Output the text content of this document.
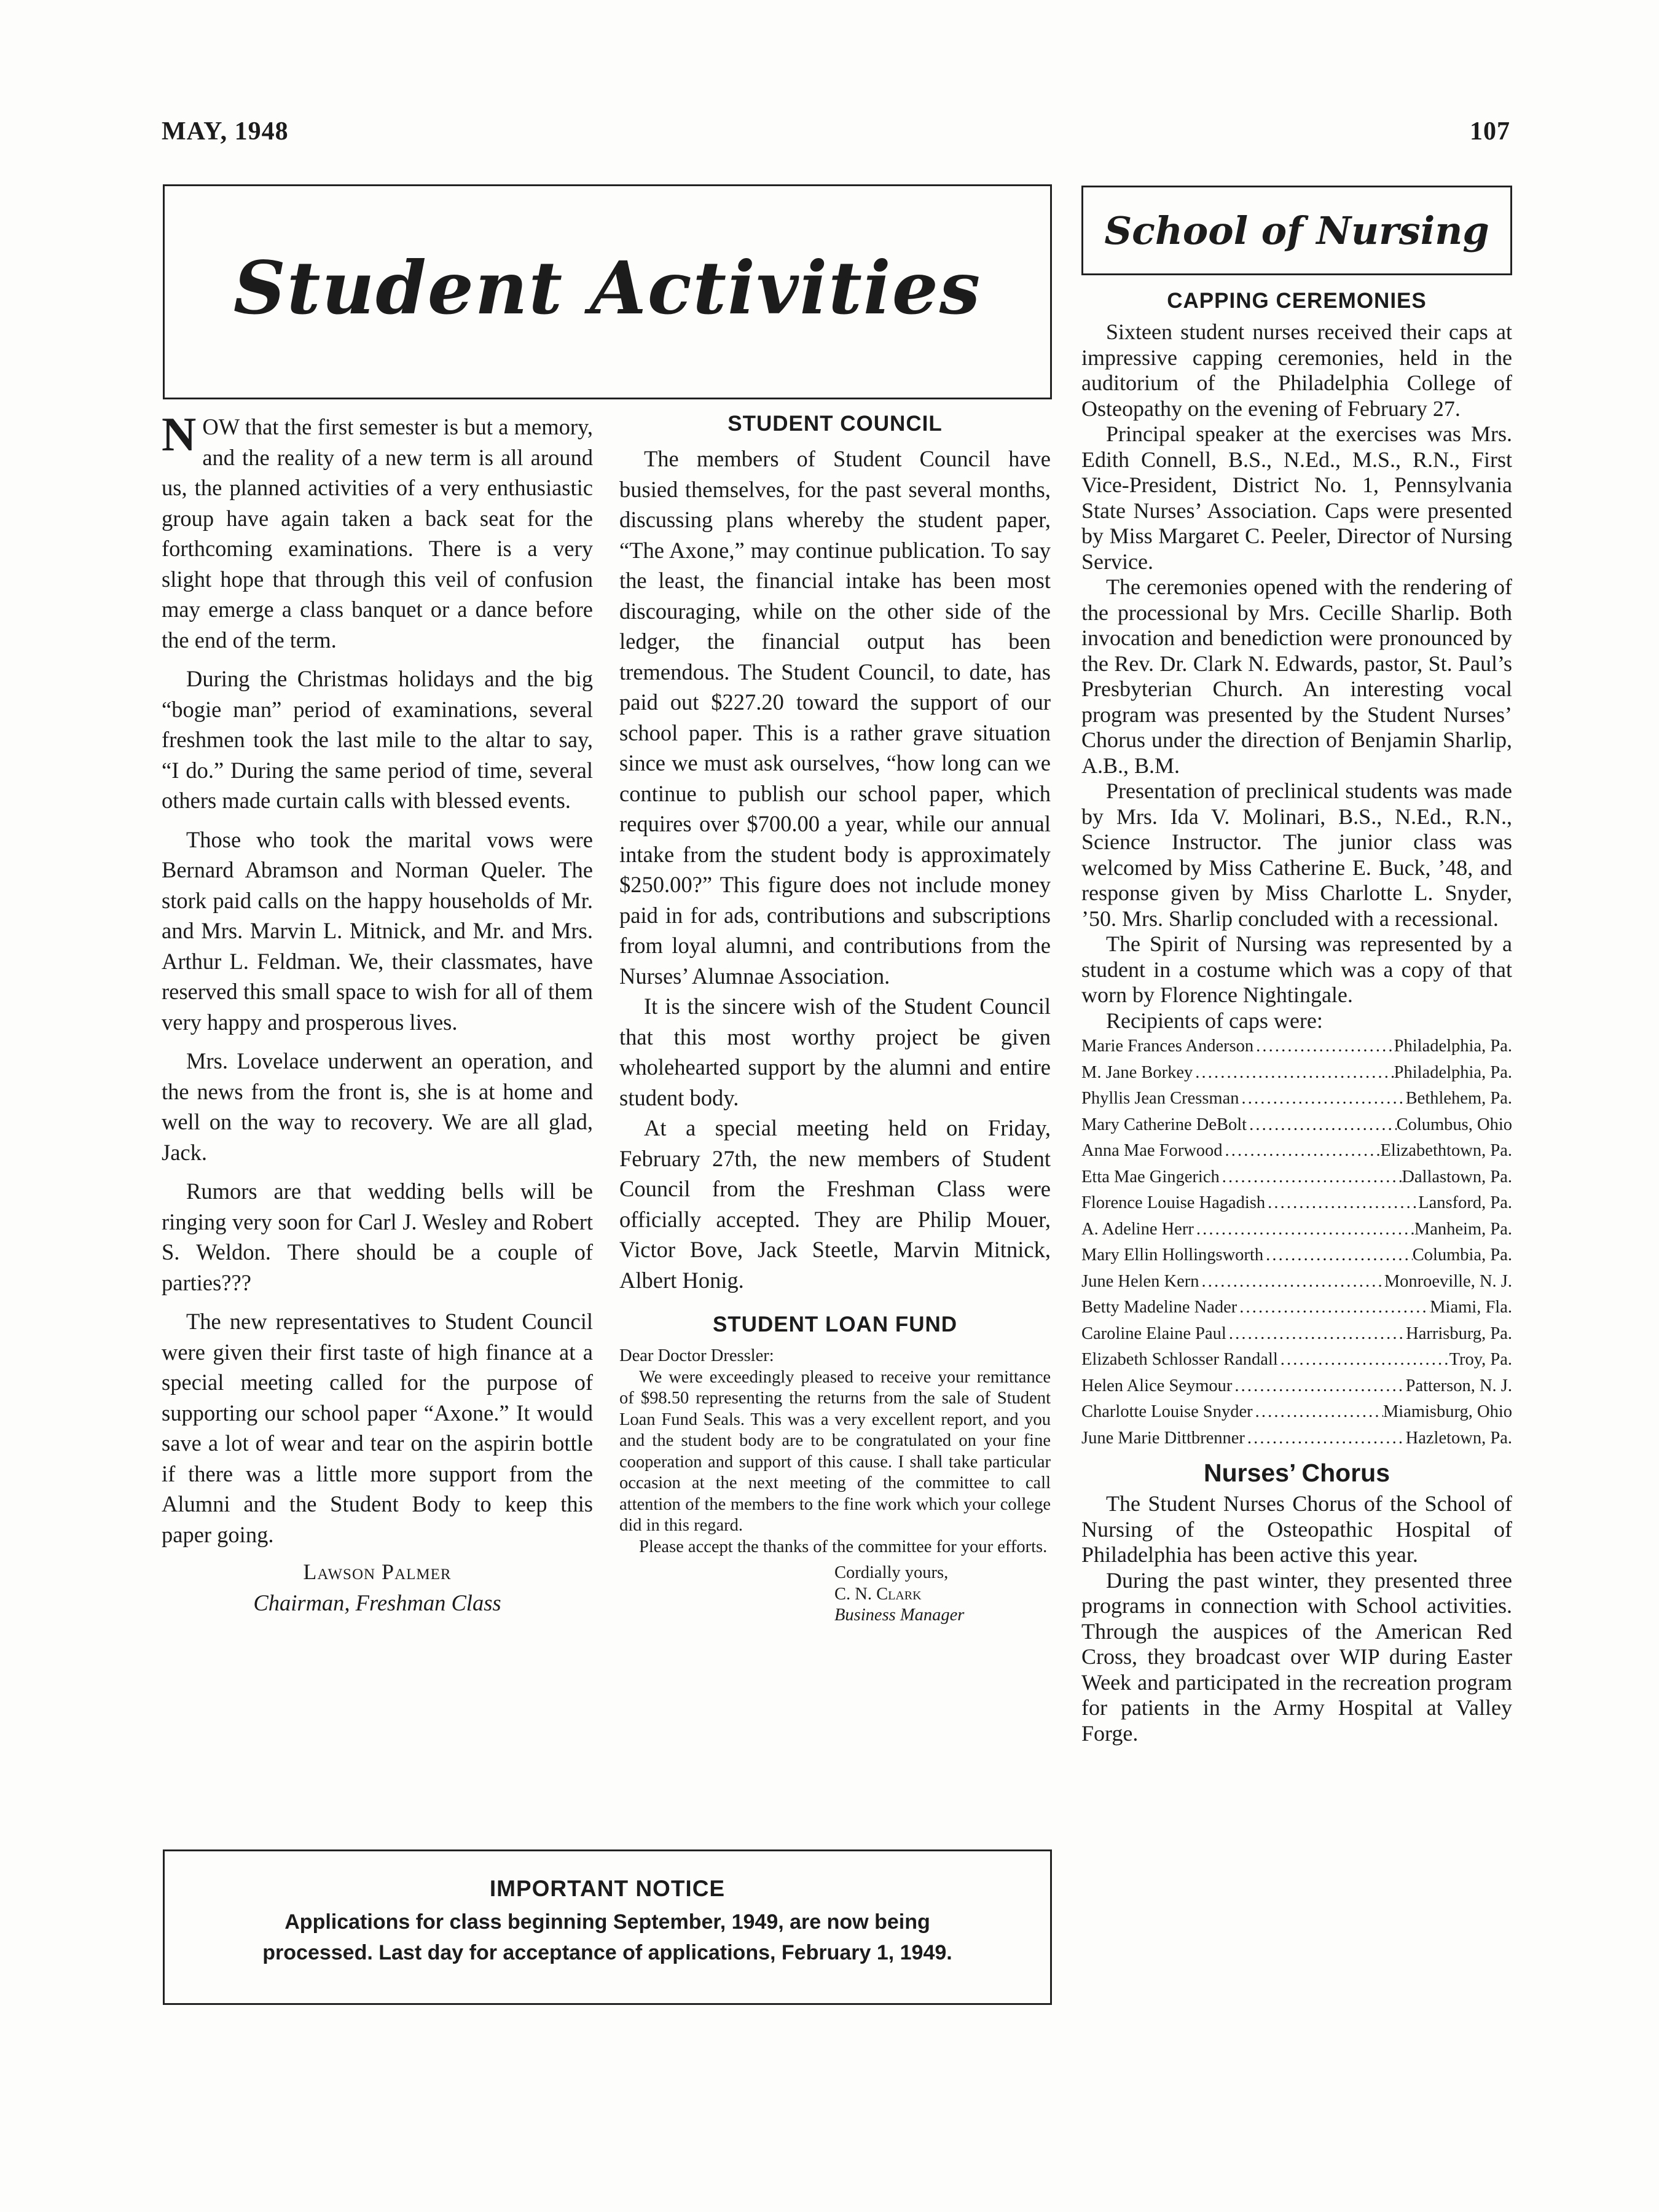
MAY, 1948	107
Student Activities
School of Nursing

NOW that the first semester is but a memory, and the reality of a new term is all around us, the planned activities of a very enthusiastic group have again taken a back seat for the forthcoming examinations. There is a very slight hope that through this veil of confusion may emerge a class banquet or a dance before the end of the term.

During the Christmas holidays and the big “bogie man” period of examinations, several freshmen took the last mile to the altar to say, “I do.” During the same period of time, several others made curtain calls with blessed events.

Those who took the marital vows were Bernard Abramson and Norman Queler. The stork paid calls on the happy households of Mr. and Mrs. Marvin L. Mitnick, and Mr. and Mrs. Arthur L. Feldman. We, their classmates, have reserved this small space to wish for all of them very happy and prosperous lives.

Mrs. Lovelace underwent an operation, and the news from the front is, she is at home and well on the way to recovery. We are all glad, Jack.

Rumors are that wedding bells will be ringing very soon for Carl J. Wesley and Robert S. Weldon. There should be a couple of parties???

The new representatives to Student Council were given their first taste of high finance at a special meeting called for the purpose of supporting our school paper “Axone.” It would save a lot of wear and tear on the aspirin bottle if there was a little more support from the Alumni and the Student Body to keep this paper going.

Lawson Palmer
Chairman, Freshman Class
STUDENT COUNCIL

The members of Student Council have busied themselves, for the past several months, discussing plans whereby the student paper, “The Axone,” may continue publication. To say the least, the financial intake has been most discouraging, while on the other side of the ledger, the financial output has been tremendous. The Student Council, to date, has paid out $227.20 toward the support of our school paper. This is a rather grave situation since we must ask ourselves, “how long can we continue to publish our school paper, which requires over $700.00 a year, while our annual intake from the student body is approximately $250.00?” This figure does not include money paid in for ads, contributions and subscriptions from loyal alumni, and contributions from the Nurses’ Alumnae Association.

It is the sincere wish of the Student Council that this most worthy project be given wholehearted support by the alumni and entire student body.

At a special meeting held on Friday, February 27th, the new members of Student Council from the Freshman Class were officially accepted. They are Philip Mouer, Victor Bove, Jack Steetle, Marvin Mitnick, Albert Honig.

STUDENT LOAN FUND

Dear Doctor Dressler:

We were exceedingly pleased to receive your remittance of $98.50 representing the returns from the sale of Student Loan Fund Seals. This was a very excellent report, and you and the student body are to be congratulated on your fine cooperation and support of this cause. I shall take particular occasion at the next meeting of the committee to call attention of the members to the fine work which your college did in this regard.

Please accept the thanks of the committee for your efforts.

Cordially yours,
C. N. Clark
Business Manager
CAPPING CEREMONIES

Sixteen student nurses received their caps at impressive capping ceremonies, held in the auditorium of the Philadelphia College of Osteopathy on the evening of February 27.

Principal speaker at the exercises was Mrs. Edith Connell, B.S., N.Ed., M.S., R.N., First Vice-President, District No. 1, Pennsylvania State Nurses’ Association. Caps were presented by Miss Margaret C. Peeler, Director of Nursing Service.

The ceremonies opened with the rendering of the processional by Mrs. Cecille Sharlip. Both invocation and benediction were pronounced by the Rev. Dr. Clark N. Edwards, pastor, St. Paul’s Presbyterian Church. An interesting vocal program was presented by the Student Nurses’ Chorus under the direction of Benjamin Sharlip, A.B., B.M.

Presentation of preclinical students was made by Mrs. Ida V. Molinari, B.S., N.Ed., R.N., Science Instructor. The junior class was welcomed by Miss Catherine E. Buck, ’48, and response given by Miss Charlotte L. Snyder, ’50. Mrs. Sharlip concluded with a recessional.

The Spirit of Nursing was represented by a student in a costume which was a copy of that worn by Florence Nightingale.

Recipients of caps were:

Marie Frances Anderson . . .	Philadelphia, Pa.
M. Jane Borkey . . .	Philadelphia, Pa.
Phyllis Jean Cressman . . .	Bethlehem, Pa.
Mary Catherine DeBolt . . .	Columbus, Ohio
Anna Mae Forwood . . .	Elizabethtown, Pa.
Etta Mae Gingerich . . .	Dallastown, Pa.
Florence Louise Hagadish . . .	Lansford, Pa.
A. Adeline Herr . . .	Manheim, Pa.
Mary Ellin Hollingsworth . . .	Columbia, Pa.
June Helen Kern . . .	Monroeville, N. J.
Betty Madeline Nader . . .	Miami, Fla.
Caroline Elaine Paul . . .	Harrisburg, Pa.
Elizabeth Schlosser Randall . . .	Troy, Pa.
Helen Alice Seymour . . .	Patterson, N. J.
Charlotte Louise Snyder . . .	Miamisburg, Ohio
June Marie Dittbrenner . . .	Hazletown, Pa.
Nurses’ Chorus

The Student Nurses Chorus of the School of Nursing of the Osteopathic Hospital of Philadelphia has been active this year.

During the past winter, they presented three programs in connection with School activities. Through the auspices of the American Red Cross, they broadcast over WIP during Easter Week and participated in the recreation program for patients in the Army Hospital at Valley Forge.

IMPORTANT NOTICE
Applications for class beginning September, 1949, are now being
processed. Last day for acceptance of applications, February 1, 1949.
